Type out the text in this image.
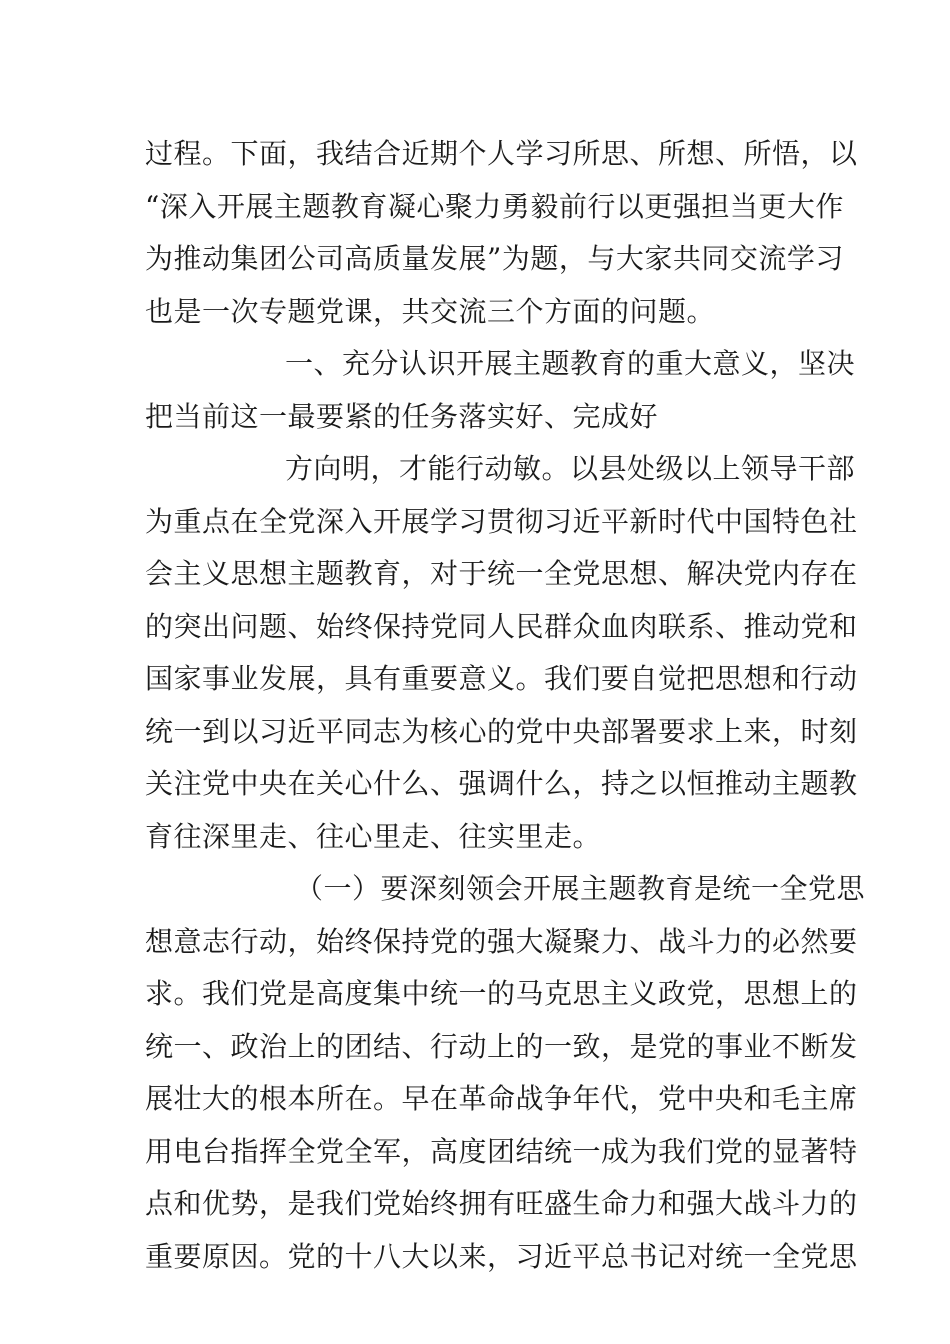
过程。下面，我结合近期个人学习所思、所想、所悟，以
“深入开展主题教育凝心聚力勇毅前行以更强担当更大作
为推动集团公司高质量发展”为题，与大家共同交流学习
也是一次专题党课，共交流三个方面的问题。
一、充分认识开展主题教育的重大意义，坚决
把当前这一最要紧的任务落实好、完成好
方向明，才能行动敏。以县处级以上领导干部
为重点在全党深入开展学习贯彻习近平新时代中国特色社
会主义思想主题教育，对于统一全党思想、解决党内存在
的突出问题、始终保持党同人民群众血肉联系、推动党和
国家事业发展，具有重要意义。我们要自觉把思想和行动
统一到以习近平同志为核心的党中央部署要求上来，时刻
关注党中央在关心什么、强调什么，持之以恒推动主题教
育往深里走、往心里走、往实里走。
（一）要深刻领会开展主题教育是统一全党思
想意志行动，始终保持党的强大凝聚力、战斗力的必然要
求。我们党是高度集中统一的马克思主义政党，思想上的
统一、政治上的团结、行动上的一致，是党的事业不断发
展壮大的根本所在。早在革命战争年代，党中央和毛主席
用电台指挥全党全军，高度团结统一成为我们党的显著特
点和优势，是我们党始终拥有旺盛生命力和强大战斗力的
重要原因。党的十八大以来，习近平总书记对统一全党思
